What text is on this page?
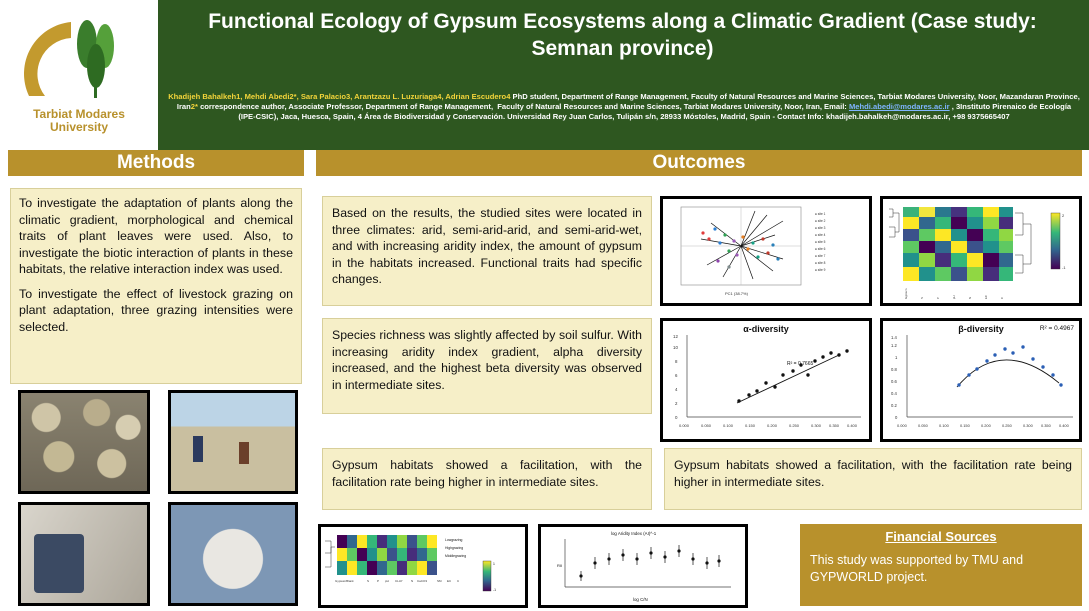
Tarbiat Modares
University
Functional Ecology of Gypsum Ecosystems along a Climatic Gradient (Case study: Semnan province)
Khadijeh Bahalkeh1, Mehdi Abedi2*, Sara Palacio3, Arantzazu L. Luzuriaga4, Adrian Escudero4 PhD student, Department of Range Management, Faculty of Natural Resources and Marine Sciences, Tarbiat Modares University, Noor, Mazandaran Province, Iran2* correspondence author, Associate Professor, Department of Range Management,  Faculty of Natural Resources and Marine Sciences, Tarbiat Modares University, Noor, Iran, Email: Mehdi.abedi@modares.ac.ir , 3Instituto Pirenaico de Ecología (IPE-CSIC), Jaca, Huesca, Spain, 4 Área de Biodiversidad y Conservación. Universidad Rey Juan Carlos, Tulipán s/n, 28933 Móstoles, Madrid, Spain - Contact Info: khadijeh.bahalkeh@modares.ac.ir, +98 9375665407
Methods	Outcomes

To investigate the adaptation of plants along the climatic gradient, morphological and chemical traits of plant leaves were used. Also, to investigate the biotic interaction of plants in these habitats, the relative interaction index was used.

To investigate the effect of livestock grazing on plant adaptation, three grazing intensities were selected.

Based on the results, the studied sites were located in three climates: arid, semi-arid-arid, and semi-arid-wet, and with increasing aridity index, the amount of gypsum in the habitats increased. Functional traits had specific changes.
Species richness was slightly affected by soil sulfur. With increasing aridity index gradient, alpha diversity increased, and the highest beta diversity was observed in intermediate sites.
Gypsum habitats showed a facilitation, with the facilitation rate being higher in intermediate sites.
Gypsum habitats showed a facilitation, with the facilitation rate being higher in intermediate sites.
● site 1
● site 2
● site 3
● site 4
● site 5
● site 6
● site 7
● site 8
● site 9
PC1 (38.7%)
2
-1
Gypsum	S	P	pH	N	EC	C
α-diversity
0
2
4
6
8
10
12
0.000	0.050	0.100	0.150	0.200	0.250	0.300 0.350 0.400
R² = 0.7665
β-diversity	R² = 0.4967
0
0.2
0.4
0.6
0.8
1
1.2
1.4
0.000	0.050	0.100	0.150	0.200	0.250	0.300 0.350 0.400
GypsumBlank	S	P pH CLAY	N CaCO3	SM EC C
Lowgrazing
Highgrazing
Middlegrazing
1
-1
log Aridity Index (AI)^-1
RII
log C/N
Financial Sources
This study was supported by TMU and GYPWORLD project.
